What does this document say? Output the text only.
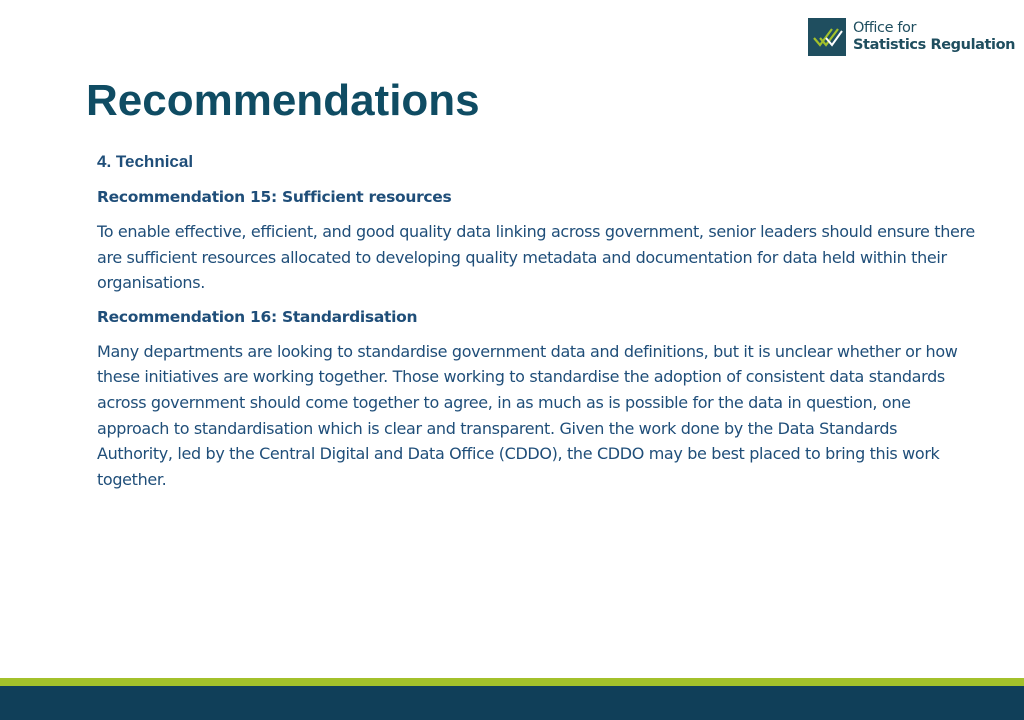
Office for
Statistics Regulation
Recommendations
4. Technical
Recommendation 15: Sufficient resources

To enable effective, efficient, and good quality data linking across government, senior leaders should ensure there are sufficient resources allocated to developing quality metadata and documentation for data held within their organisations.

Recommendation 16: Standardisation

Many departments are looking to standardise government data and definitions, but it is unclear whether or how these initiatives are working together. Those working to standardise the adoption of consistent data standards across government should come together to agree, in as much as is possible for the data in question, one approach to standardisation which is clear and transparent. Given the work done by the Data Standards Authority, led by the Central Digital and Data Office (CDDO), the CDDO may be best placed to bring this work together.
